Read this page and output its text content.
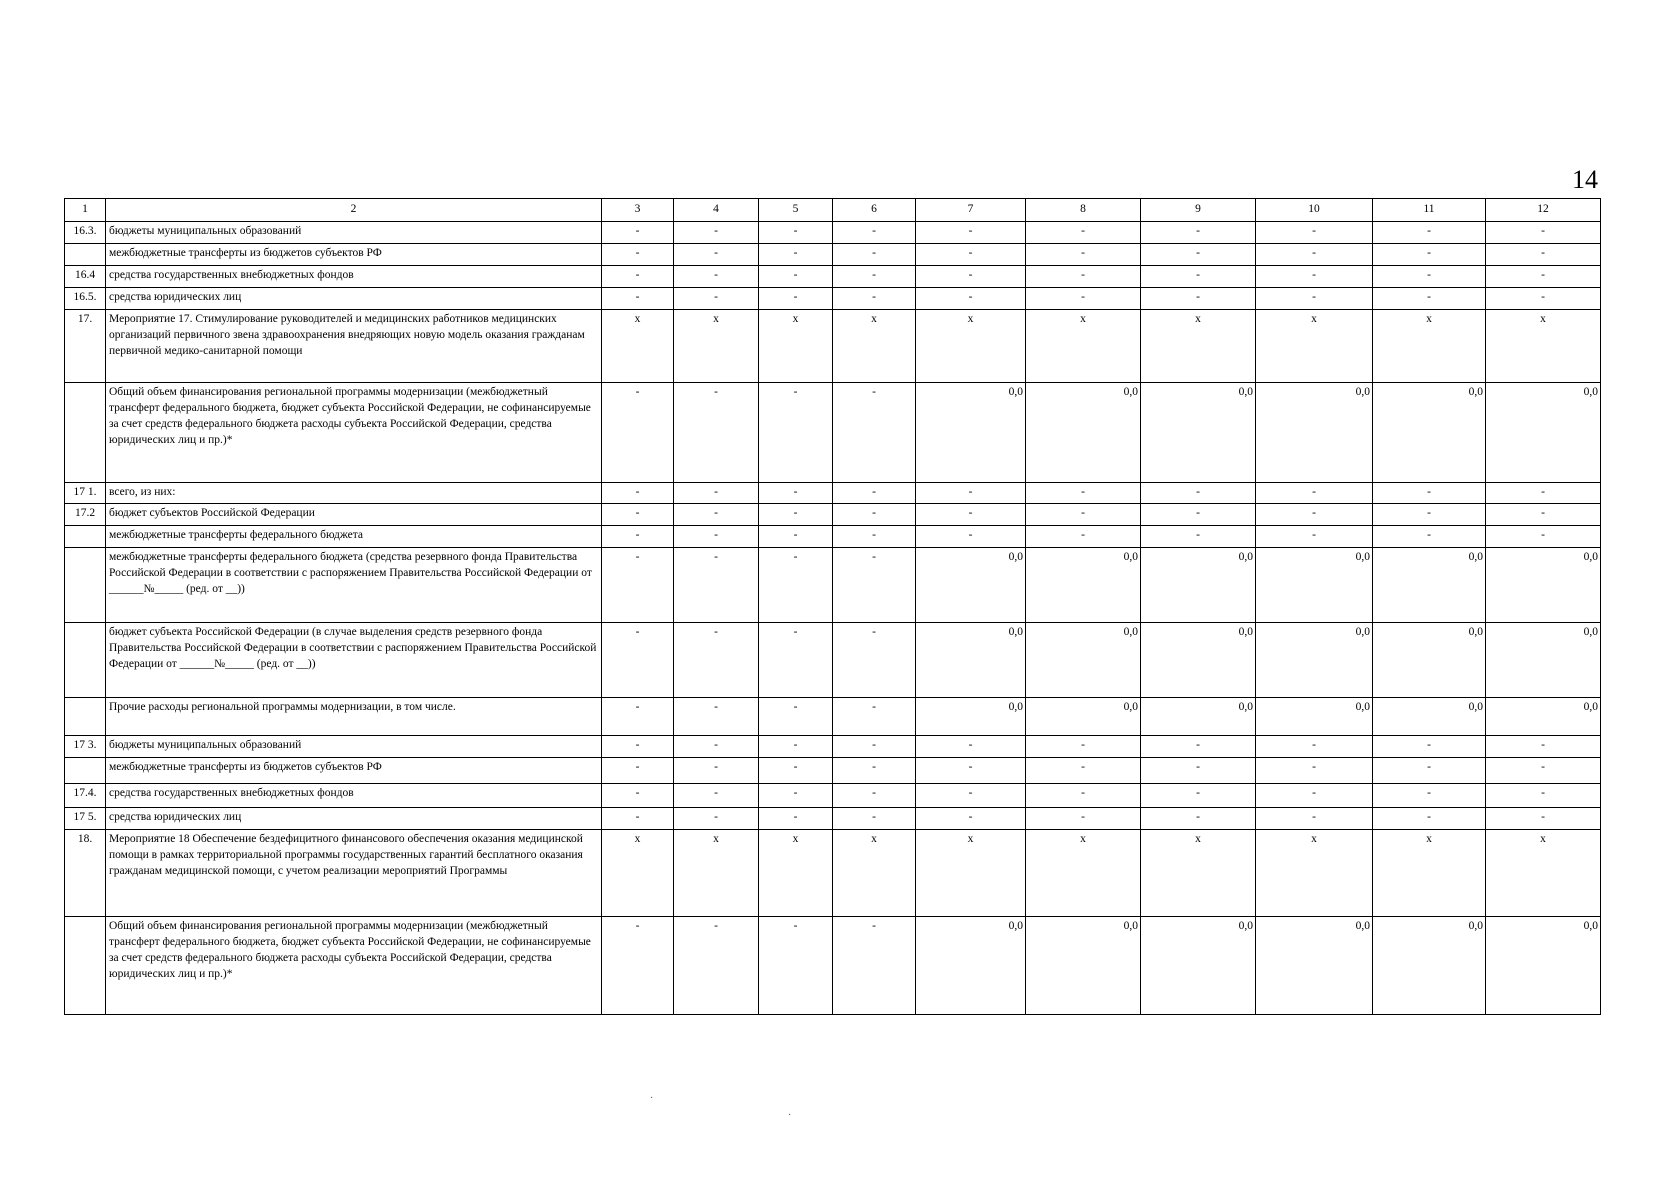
14
1	2	3	4	5	6	7	8	9	10	11	12
16.3.	бюджеты муниципальных образований	-	-	-	-	-	-	-	-	-	-
	межбюджетные трансферты из бюджетов субъектов РФ	-	-	-	-	-	-	-	-	-	-
16.4	средства государственных внебюджетных фондов	-	-	-	-	-	-	-	-	-	-
16.5.	средства юридических лиц	-	-	-	-	-	-	-	-	-	-
17.	Мероприятие 17. Стимулирование руководителей и медицинских работников медицинских организаций первичного звена здравоохранения внедряющих новую модель оказания гражданам первичной медико-санитарной помощи	x	x	x	x	x	x	x	x	x	x
	Общий объем финансирования региональной программы модернизации (межбюджетный трансферт федерального бюджета, бюджет субъекта Российской Федерации, не софинансируемые за счет средств федерального бюджета расходы субъекта Российской Федерации, средства юридических лиц и пр.)*	-	-	-	-	0,0	0,0	0,0	0,0	0,0	0,0
17 1.	всего, из них:	-	-	-	-	-	-	-	-	-	-
17.2	бюджет субъектов Российской Федерации	-	-	-	-	-	-	-	-	-	-
	межбюджетные трансферты федерального бюджета	-	-	-	-	-	-	-	-	-	-
	межбюджетные трансферты федерального бюджета (средства резервного фонда Правительства Российской Федерации в соответствии с распоряжением Правительства Российской Федерации от ______№_____ (ред. от __))	-	-	-	-	0,0	0,0	0,0	0,0	0,0	0,0
	бюджет субъекта Российской Федерации (в случае выделения средств резервного фонда Правительства Российской Федерации в соответствии с распоряжением Правительства Российской Федерации от ______№_____ (ред. от __))	-	-	-	-	0,0	0,0	0,0	0,0	0,0	0,0
	Прочие расходы региональной программы модернизации, в том числе.	-	-	-	-	0,0	0,0	0,0	0,0	0,0	0,0
17 3.	бюджеты муниципальных образований	-	-	-	-	-	-	-	-	-	-
	межбюджетные трансферты из бюджетов субъектов РФ	-	-	-	-	-	-	-	-	-	-
17.4.	средства государственных внебюджетных фондов	-	-	-	-	-	-	-	-	-	-
17 5.	средства юридических лиц	-	-	-	-	-	-	-	-	-	-
18.	Мероприятие 18 Обеспечение бездефицитного финансового обеспечения оказания медицинской помощи в рамках территориальной программы государственных гарантий бесплатного оказания гражданам медицинской помощи, с учетом реализации мероприятий Программы	x	x	x	x	x	x	x	x	x	x
	Общий объем финансирования региональной программы модернизации (межбюджетный трансферт федерального бюджета, бюджет субъекта Российской Федерации, не софинансируемые за счет средств федерального бюджета расходы субъекта Российской Федерации, средства юридических лиц и пр.)*	-	-	-	-	0,0	0,0	0,0	0,0	0,0	0,0
·
·
